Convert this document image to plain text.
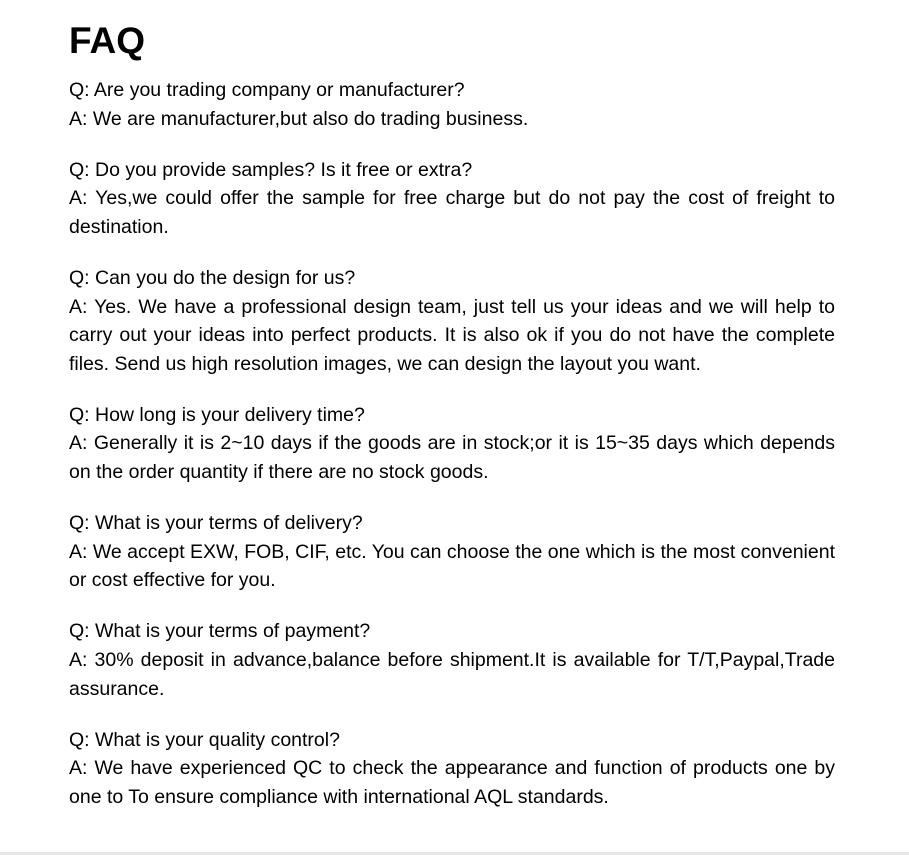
FAQ

Q: Are you trading company or manufacturer?

A: We are manufacturer,but also do trading business.

Q: Do you provide samples? Is it free or extra?

A: Yes,we could offer the sample for free charge but do not pay the cost of freight to destination.

Q: Can you do the design for us?

A: Yes. We have a professional design team, just tell us your ideas and we will help to carry out your ideas into perfect products. It is also ok if you do not have the complete files. Send us high resolution images, we can design the layout you want.

Q: How long is your delivery time?

A: Generally it is 2~10 days if the goods are in stock;or it is 15~35 days which depends on the order quantity if there are no stock goods.

Q: What is your terms of delivery?

A: We accept EXW, FOB, CIF, etc. You can choose the one which is the most convenient or cost effective for you.

Q: What is your terms of payment?

A: 30% deposit in advance,balance before shipment.It is available for T/T,Paypal,Trade assurance.

Q: What is your quality control?

A: We have experienced QC to check the appearance and function of products one by one to To ensure compliance with international AQL standards.
